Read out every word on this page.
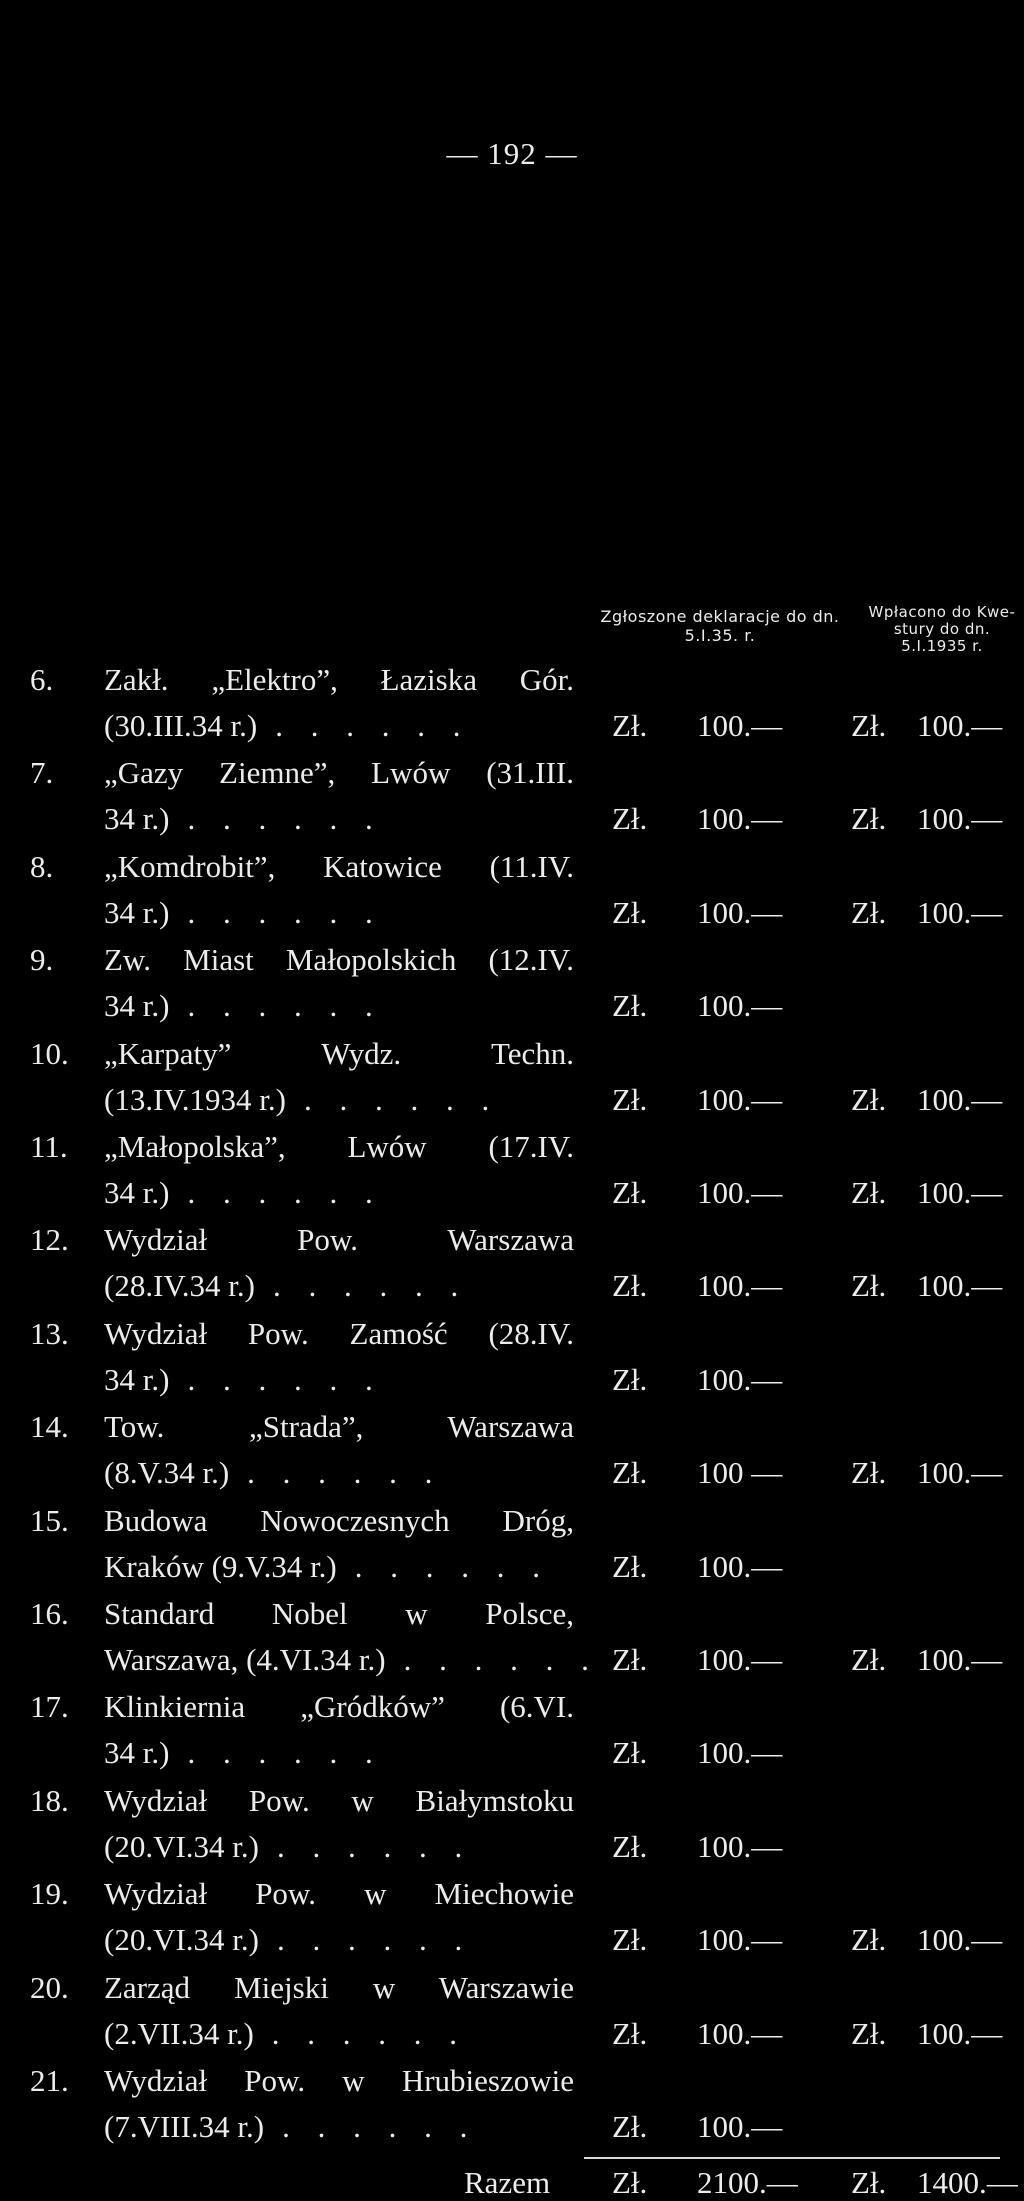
— 192 —
Zgłoszone deklaracje do dn. 5.I.35. r.
Wpłacono do Kwe- stury do dn. 5.I.1935 r.
6.	Zakł. „Elektro”, Łaziska Gór.
(30.III.34 r.) . . . . . .	Zł. 100.— Zł. 100.—
7.	„Gazy Ziemne”, Lwów (31.III.
34 r.) . . . . . .	Zł. 100.— Zł. 100.—
8.	„Komdrobit”, Katowice (11.IV.
34 r.) . . . . . .	Zł. 100.— Zł. 100.—
9.	Zw. Miast Małopolskich (12.IV.
34 r.) . . . . . .	Zł. 100.—
10.	„Karpaty” Wydz. Techn.
(13.IV.1934 r.) . . . . . .	Zł. 100.— Zł. 100.—
11.	„Małopolska”, Lwów (17.IV.
34 r.) . . . . . .	Zł. 100.— Zł. 100.—
12.	Wydział Pow. Warszawa
(28.IV.34 r.) . . . . . .	Zł. 100.— Zł. 100.—
13.	Wydział Pow. Zamość (28.IV.
34 r.) . . . . . .	Zł. 100.—
14.	Tow. „Strada”, Warszawa
(8.V.34 r.) . . . . . .	Zł. 100 — Zł. 100.—
15.	Budowa Nowoczesnych Dróg,
Kraków (9.V.34 r.) . . . . . .	Zł. 100.—
16.	Standard Nobel w Polsce,
Warszawa, (4.VI.34 r.) . . . . . . Zł. 100.— Zł. 100.—
17.	Klinkiernia „Gródków” (6.VI.
34 r.) . . . . . .	Zł. 100.—
18.	Wydział Pow. w Białymstoku
(20.VI.34 r.) . . . . . .	Zł. 100.—
19.	Wydział Pow. w Miechowie
(20.VI.34 r.) . . . . . .	Zł. 100.— Zł. 100.—
20.	Zarząd Miejski w Warszawie
(2.VII.34 r.) . . . . . .	Zł. 100.— Zł. 100.—
21.	Wydział Pow. w Hrubieszowie
(7.VIII.34 r.) . . . . . .	Zł. 100.—
Razem Zł. 2100.— Zł. 1400.—
